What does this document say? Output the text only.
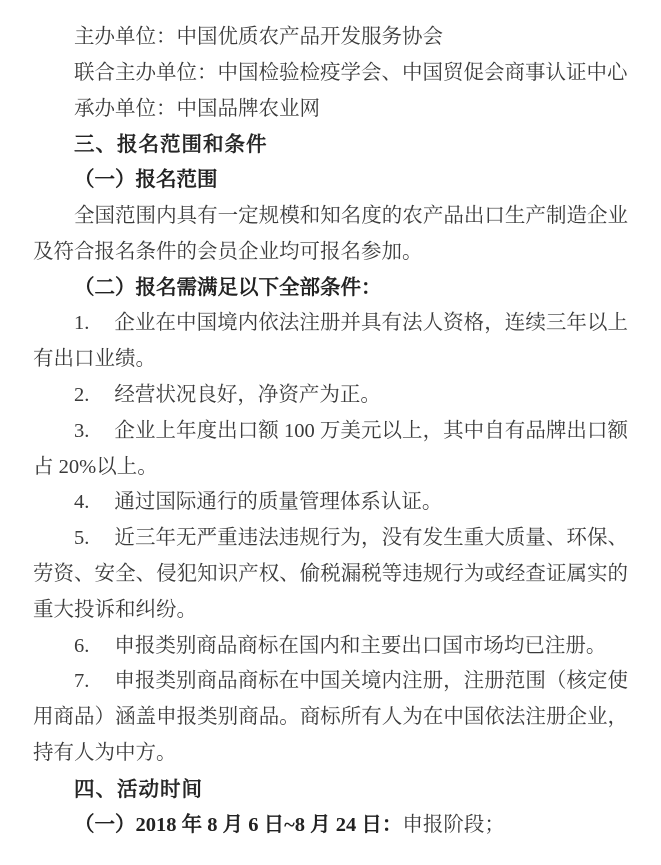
主办单位：中国优质农产品开发服务协会

联合主办单位：中国检验检疫学会、中国贸促会商事认证中心

承办单位：中国品牌农业网

三、报名范围和条件

（一）报名范围

全国范围内具有一定规模和知名度的农产品出口生产制造企业及符合报名条件的会员企业均可报名参加。

（二）报名需满足以下全部条件：

1. 企业在中国境内依法注册并具有法人资格，连续三年以上有出口业绩。

2. 经营状况良好，净资产为正。

3. 企业上年度出口额 100 万美元以上，其中自有品牌出口额占 20%以上。

4. 通过国际通行的质量管理体系认证。

5. 近三年无严重违法违规行为，没有发生重大质量、环保、劳资、安全、侵犯知识产权、偷税漏税等违规行为或经查证属实的重大投诉和纠纷。

6. 申报类别商品商标在国内和主要出口国市场均已注册。

7. 申报类别商品商标在中国关境内注册，注册范围（核定使用商品）涵盖申报类别商品。商标所有人为在中国依法注册企业，持有人为中方。

四、活动时间

（一）2018 年 8 月 6 日~8 月 24 日：申报阶段；
